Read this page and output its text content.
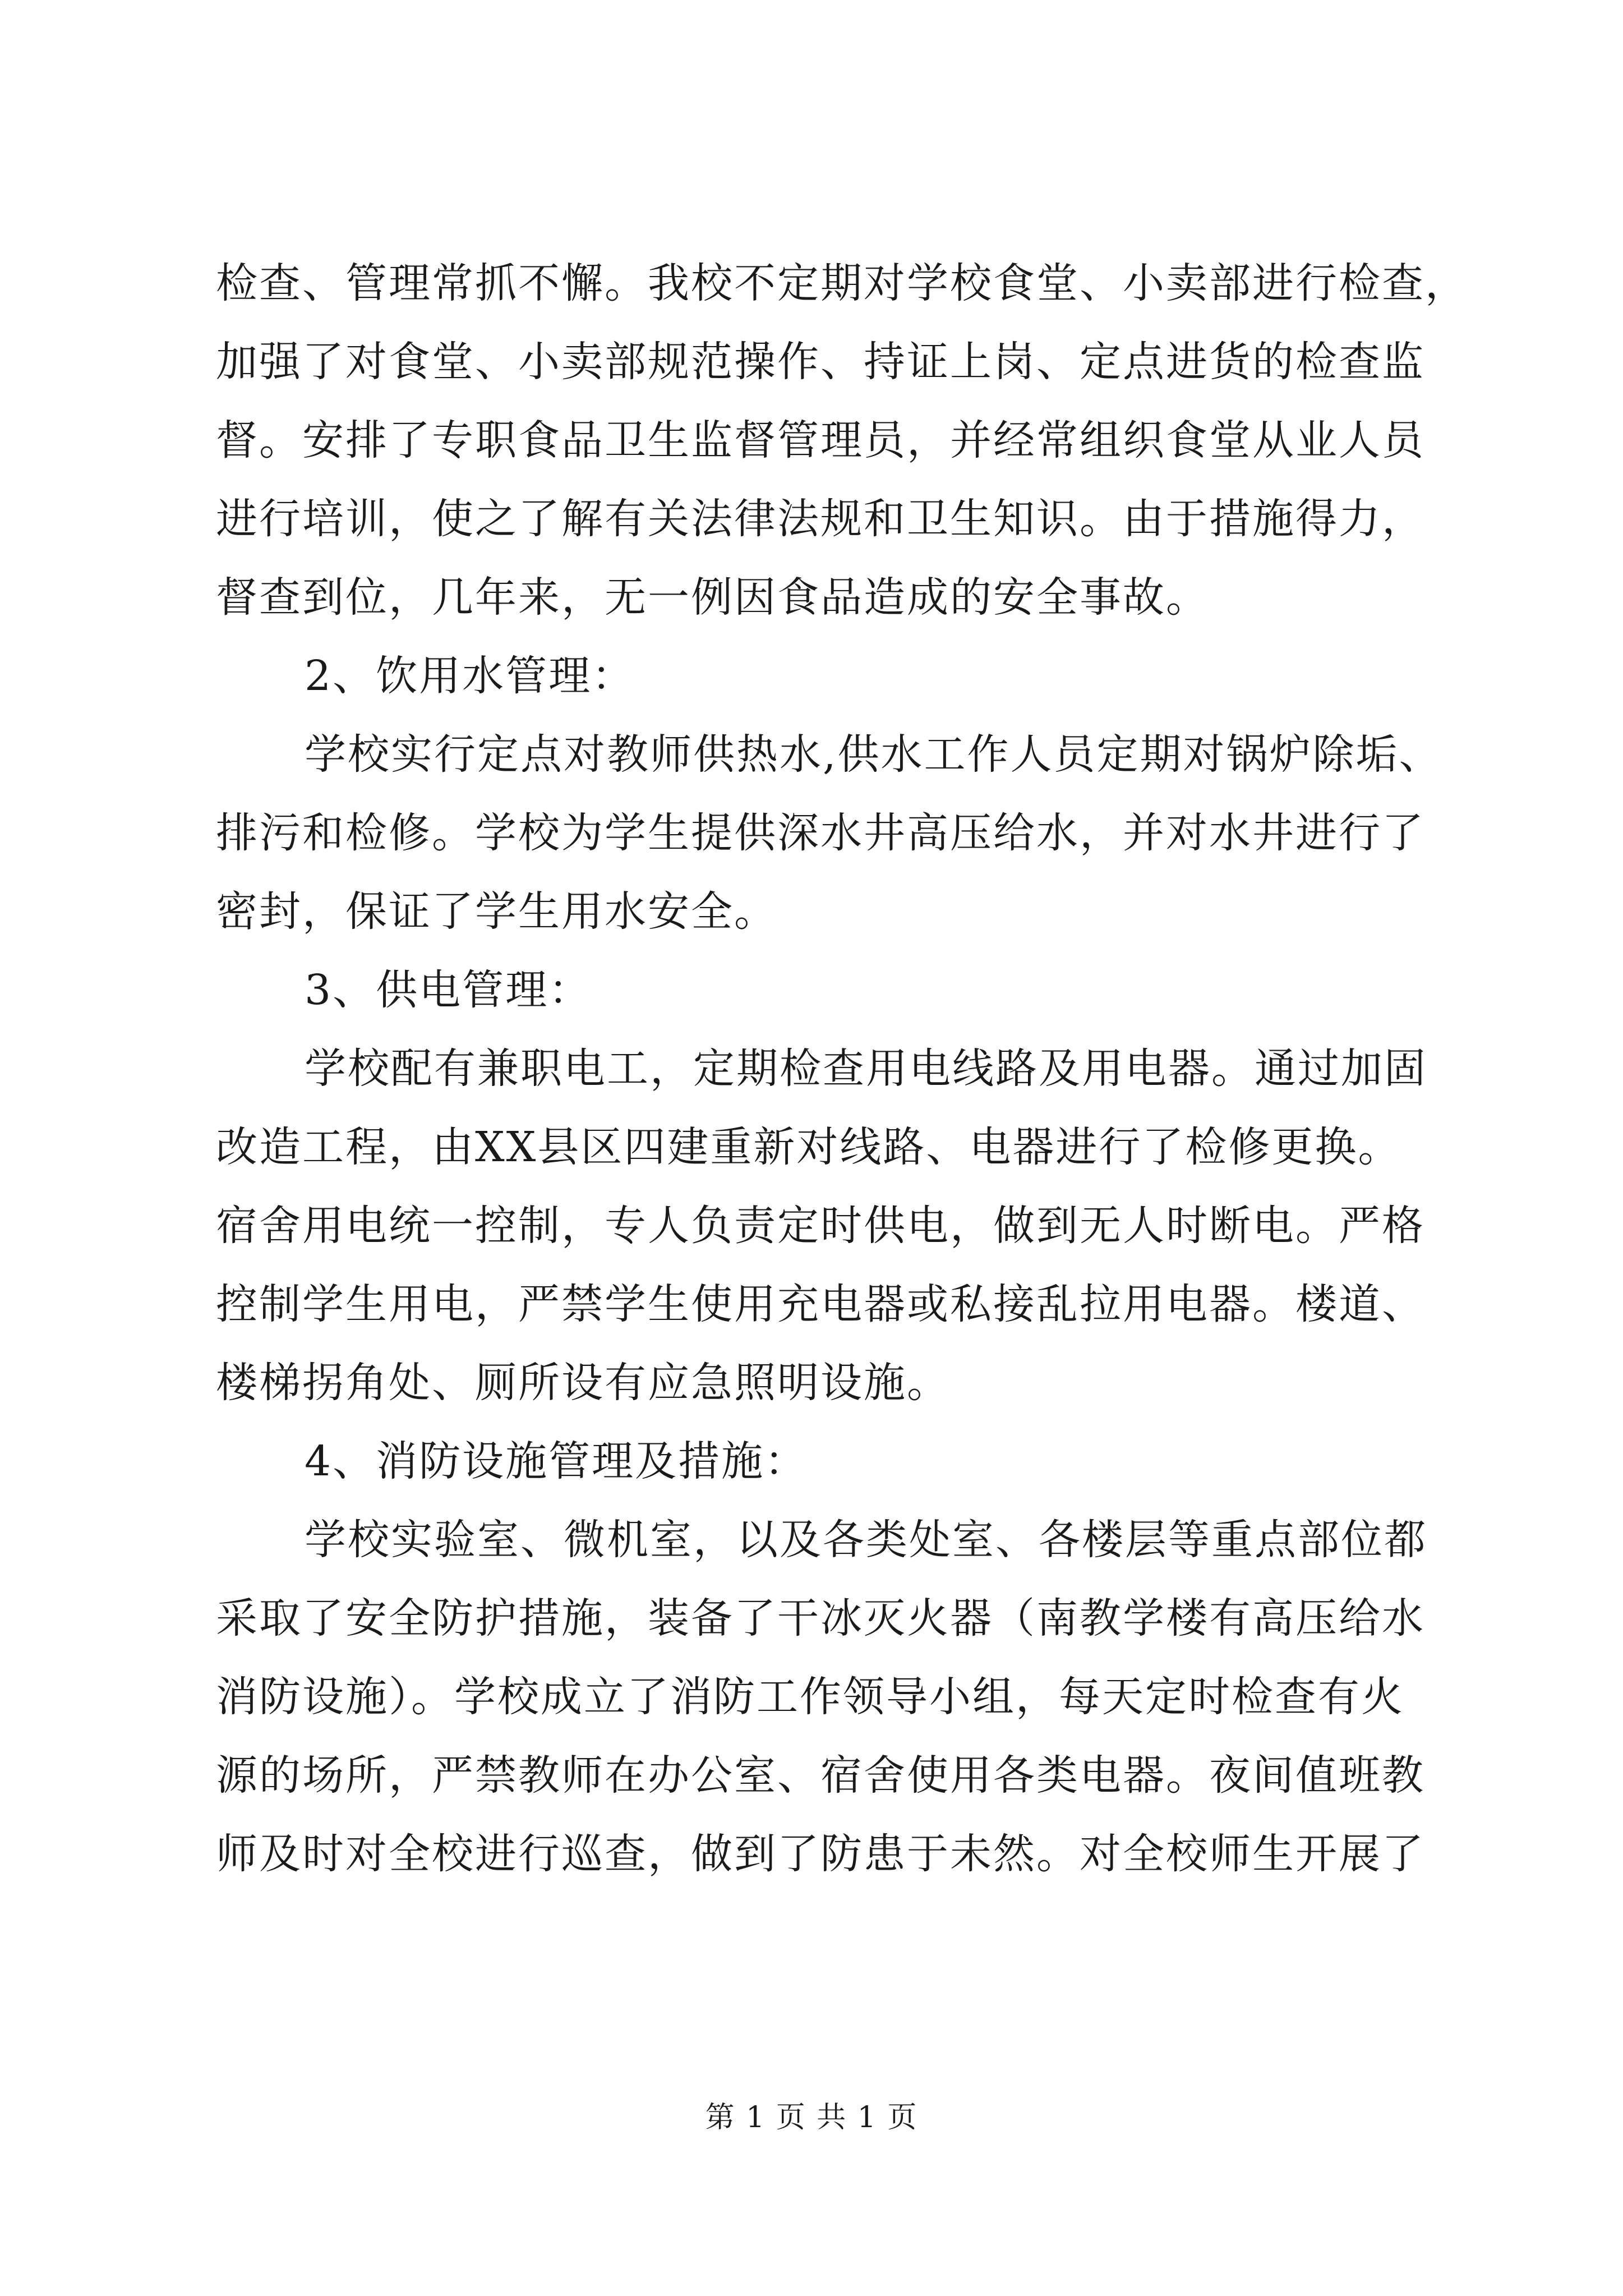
检查、管理常抓不懈。我校不定期对学校食堂、小卖部进行检查，
加强了对食堂、小卖部规范操作、持证上岗、定点进货的检查监
督。安排了专职食品卫生监督管理员，并经常组织食堂从业人员
进行培训，使之了解有关法律法规和卫生知识。由于措施得力，
督查到位，几年来，无一例因食品造成的安全事故。
2、饮用水管理：
学校实行定点对教师供热水,供水工作人员定期对锅炉除垢、
排污和检修。学校为学生提供深水井高压给水，并对水井进行了
密封，保证了学生用水安全。
3、供电管理：
学校配有兼职电工，定期检查用电线路及用电器。通过加固
改造工程，由XX县区四建重新对线路、电器进行了检修更换。
宿舍用电统一控制，专人负责定时供电，做到无人时断电。严格
控制学生用电，严禁学生使用充电器或私接乱拉用电器。楼道、
楼梯拐角处、厕所设有应急照明设施。
4、消防设施管理及措施：
学校实验室、微机室，以及各类处室、各楼层等重点部位都
采取了安全防护措施，装备了干冰灭火器（南教学楼有高压给水
消防设施）。学校成立了消防工作领导小组，每天定时检查有火
源的场所，严禁教师在办公室、宿舍使用各类电器。夜间值班教
师及时对全校进行巡查，做到了防患于未然。对全校师生开展了
第 1 页 共 1 页
